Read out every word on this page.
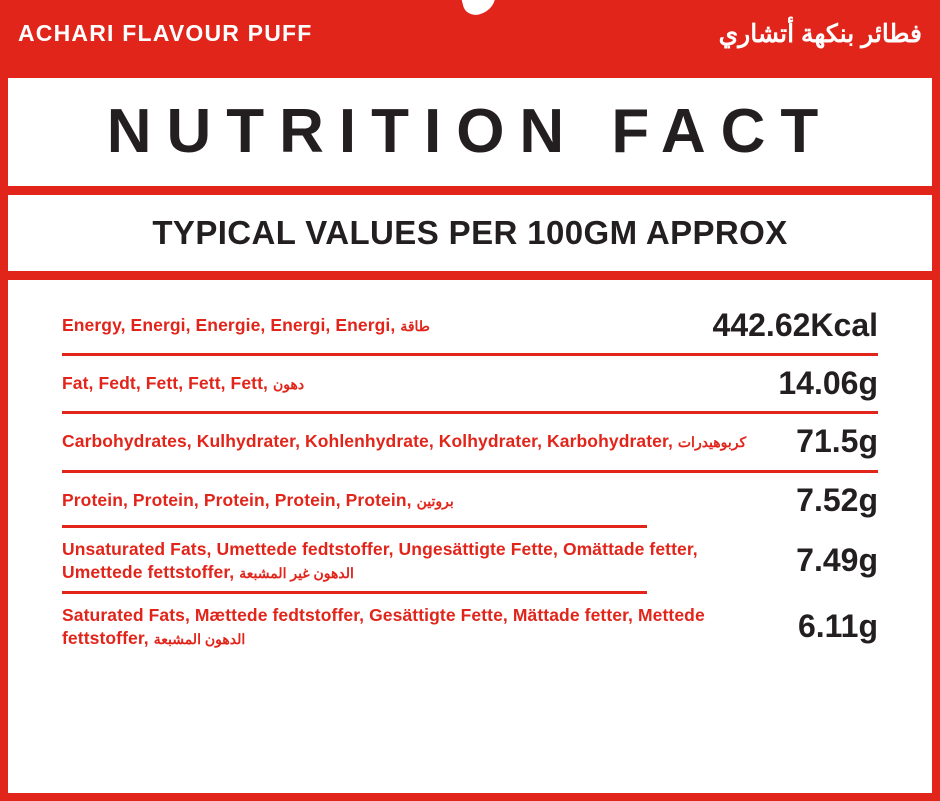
ACHARI FLAVOUR PUFF	فطائر بنكهة أتشاري
NUTRITION FACT
TYPICAL VALUES PER 100GM APPROX
Energy, Energi, Energie, Energi, Energi, طاقة	442.62Kcal
Fat, Fedt, Fett, Fett, Fett, دهون	14.06g
Carbohydrates, Kulhydrater, Kohlenhydrate, Kolhydrater, Karbohydrater, كربوهيدرات	71.5g
Protein, Protein, Protein, Protein, Protein, بروتين	7.52g
Unsaturated Fats, Umettede fedtstoffer, Ungesättigte Fette, Omättade fetter, Umettede fettstoffer, الدهون غير المشبعة	7.49g
Saturated Fats, Mættede fedtstoffer, Gesättigte Fette, Mättade fetter, Mettede fettstoffer, الدهون المشبعة	6.11g
